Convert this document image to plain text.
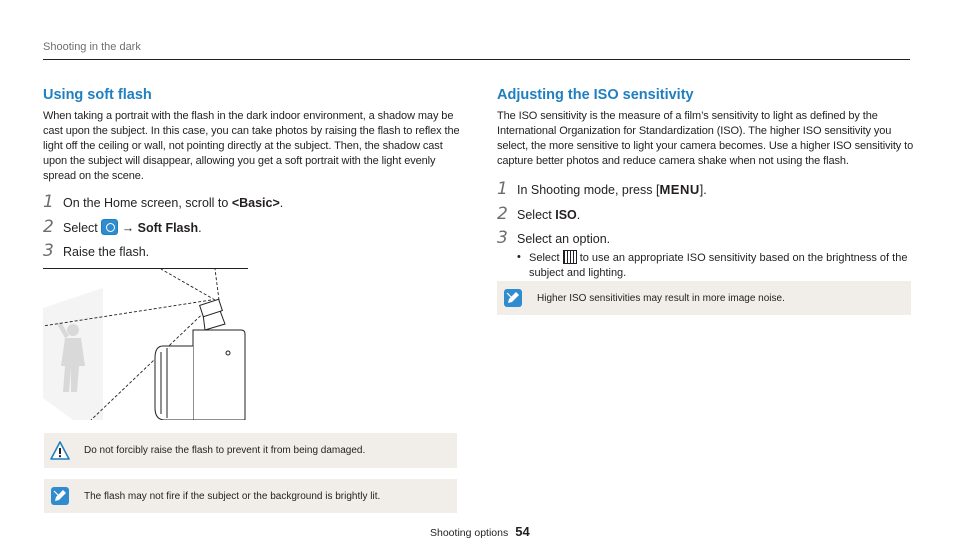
Shooting in the dark
Using soft flash

When taking a portrait with the flash in the dark indoor environment, a shadow may be cast upon the subject. In this case, you can take photos by raising the flash to reflex the light off the ceiling or wall, not pointing directly at the subject. Then, the shadow cast upon the subject will disappear, allowing you get a soft portrait with the light evenly spread on the scene.

1 On the Home screen, scroll to <Basic>.
2 Select  → Soft Flash.
3 Raise the flash.
Do not forcibly raise the flash to prevent it from being damaged.
The flash may not fire if the subject or the background is brightly lit.
Adjusting the ISO sensitivity

The ISO sensitivity is the measure of a film’s sensitivity to light as defined by the International Organization for Standardization (ISO). The higher ISO sensitivity you select, the more sensitive to light your camera becomes. Use a higher ISO sensitivity to capture better photos and reduce camera shake when not using the flash.

1 In Shooting mode, press [MENU].
2 Select ISO.
3 Select an option.
• Select  to use an appropriate ISO sensitivity based on the brightness of the subject and lighting.
Higher ISO sensitivities may result in more image noise.
Shooting options 54
